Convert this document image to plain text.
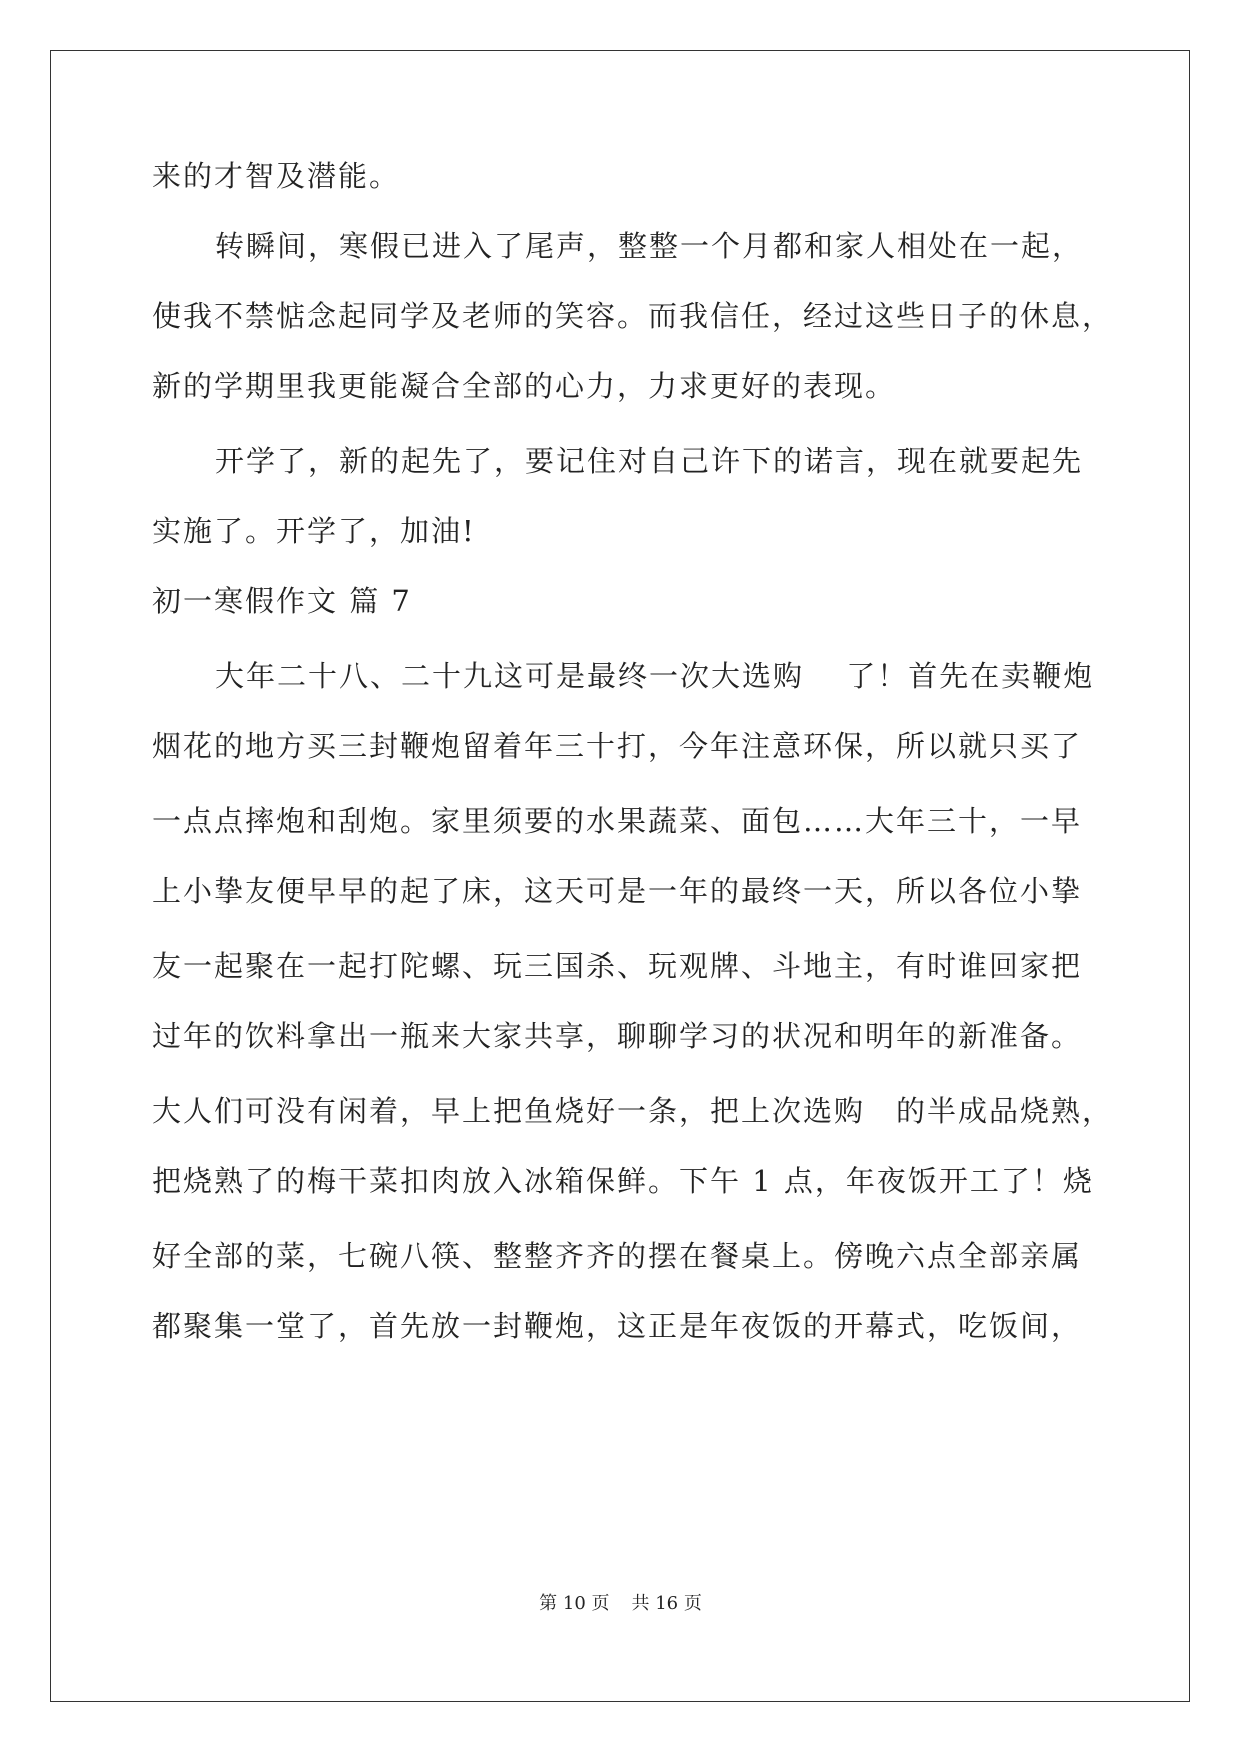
来的才智及潜能。
转瞬间，寒假已进入了尾声，整整一个月都和家人相处在一起，
使我不禁惦念起同学及老师的笑容。而我信任，经过这些日子的休息，
新的学期里我更能凝合全部的心力，力求更好的表现。
开学了，新的起先了，要记住对自己许下的诺言，现在就要起先
实施了。开学了，加油!
初一寒假作文 篇 7
大年二十八、二十九这可是最终一次大选购　 了！首先在卖鞭炮
烟花的地方买三封鞭炮留着年三十打，今年注意环保，所以就只买了
一点点摔炮和刮炮。家里须要的水果蔬菜、面包……大年三十，一早
上小挚友便早早的起了床，这天可是一年的最终一天，所以各位小挚
友一起聚在一起打陀螺、玩三国杀、玩观牌、斗地主，有时谁回家把
过年的饮料拿出一瓶来大家共享，聊聊学习的状况和明年的新准备。
大人们可没有闲着，早上把鱼烧好一条，把上次选购　的半成品烧熟，
把烧熟了的梅干菜扣肉放入冰箱保鲜。下午 1 点，年夜饭开工了！烧
好全部的菜，七碗八筷、整整齐齐的摆在餐桌上。傍晚六点全部亲属
都聚集一堂了，首先放一封鞭炮，这正是年夜饭的开幕式，吃饭间，
第 10 页 共 16 页
